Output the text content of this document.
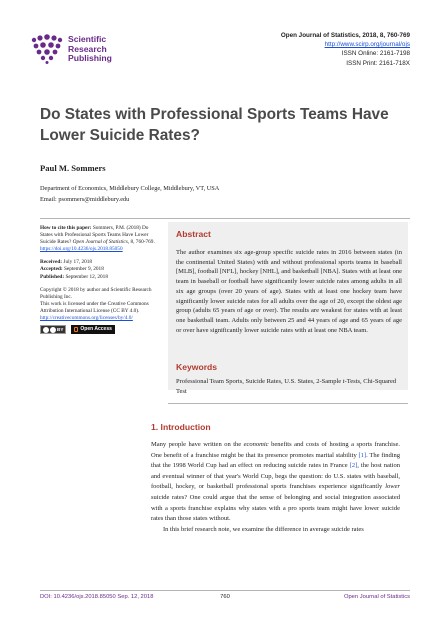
Scientific
Research
Publishing
Open Journal of Statistics, 2018, 8, 760-769
http://www.scirp.org/journal/ojs
ISSN Online: 2161-7198
ISSN Print: 2161-718X
Do States with Professional Sports Teams Have
Lower Suicide Rates?
Paul M. Sommers
Department of Economics, Middlebury College, Middlebury, VT, USA
Email: psommers@middlebury.edu
How to cite this paper: Sommers, P.M. (2018) Do States with Professional Sports Teams Have Lower Suicide Rates? Open Journal of Statistics, 8, 760-769.
https://doi.org/10.4236/ojs.2018.85050
Received: July 17, 2018
Accepted: September 9, 2018
Published: September 12, 2018
Copyright © 2018 by author and Scientific Research Publishing Inc.
This work is licensed under the Creative Commons Attribution International License (CC BY 4.0).
http://creativecommons.org/licenses/by/4.0/
BY	Open Access
Abstract
The author examines six age-group specific suicide rates in 2016 between states (in the continental United States) with and without professional sports teams in baseball [MLB], football [NFL], hockey [NHL], and basketball [NBA]. States with at least one team in baseball or football have significantly lower suicide rates among adults in all six age groups (over 20 years of age). States with at least one hockey team have significantly lower suicide rates for all adults over the age of 20, except the oldest age group (adults 65 years of age or over). The results are weakest for states with at least one basketball team. Adults only between 25 and 44 years of age and 65 years of age or over have significantly lower suicide rates with at least one NBA team.
Keywords
Professional Team Sports, Suicide Rates, U.S. States, 2-Sample t-Tests, Chi-Squared Test
1. Introduction

Many people have written on the economic benefits and costs of hosting a sports franchise. One benefit of a franchise might be that its presence promotes marital stability [1]. The finding that the 1998 World Cup had an effect on reducing suicide rates in France [2], the host nation and eventual winner of that year's World Cup, begs the question: do U.S. states with baseball, football, hockey, or basketball professional sports franchises experience significantly lower suicide rates? One could argue that the sense of belonging and social integration associated with a sports franchise explains why states with a pro sports team might have lower suicide rates than those states without.

In this brief research note, we examine the difference in average suicide rates

DOI: 10.4236/ojs.2018.85050 Sep. 12, 2018	760	Open Journal of Statistics
